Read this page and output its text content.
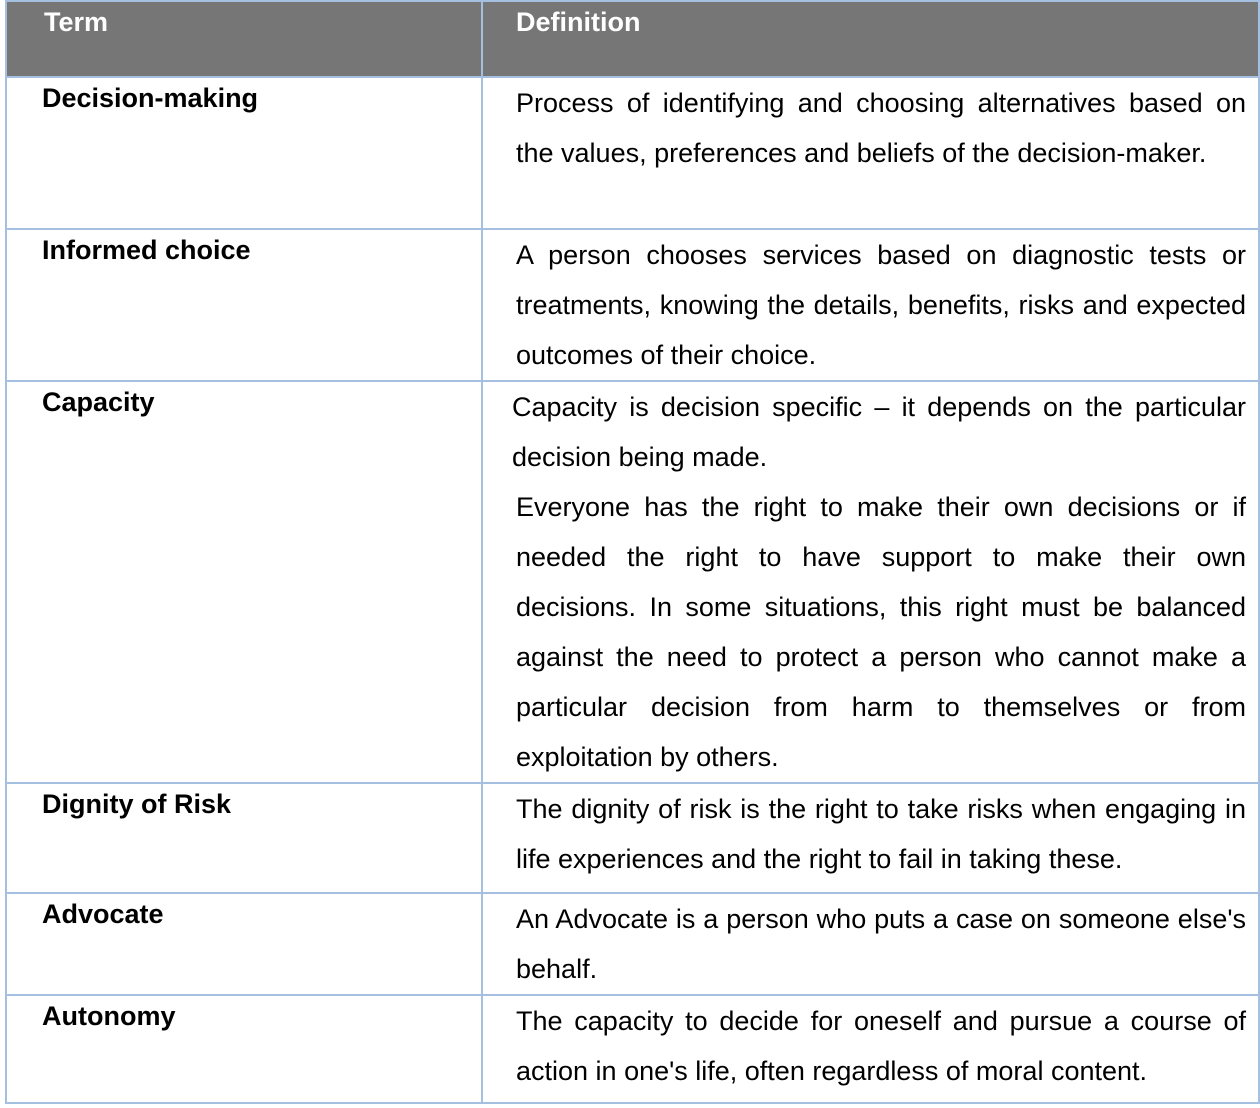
Term	Definition
Decision-making	Process of identifying and choosing alternatives based on the values, preferences and beliefs of the decision-maker.

Informed choice	A person chooses services based on diagnostic tests or treatments, knowing the details, benefits, risks and expected outcomes of their choice.

Capacity	Capacity is decision specific – it depends on the particular decision being made.

Everyone has the right to make their own decisions or if needed the right to have support to make their own decisions. In some situations, this right must be balanced against the need to protect a person who cannot make a particular decision from harm to themselves or from exploitation by others.

Dignity of Risk	The dignity of risk is the right to take risks when engaging in life experiences and the right to fail in taking these.

Advocate	An Advocate is a person who puts a case on someone else's behalf.

Autonomy	The capacity to decide for oneself and pursue a course of action in one's life, often regardless of moral content.
